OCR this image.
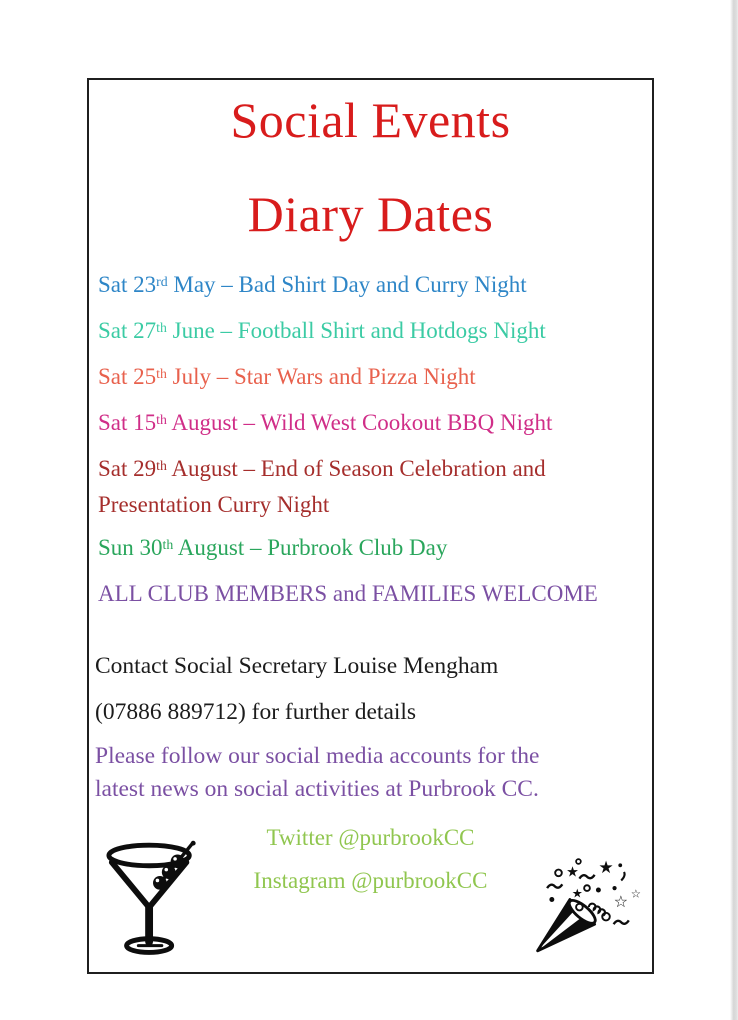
Social Events
Diary Dates

Sat 23rd May – Bad Shirt Day and Curry Night

Sat 27th June – Football Shirt and Hotdogs Night

Sat 25th July – Star Wars and Pizza Night

Sat 15th August – Wild West Cookout BBQ Night

Sat 29th August – End of Season Celebration and
Presentation Curry Night

Sun 30th August – Purbrook Club Day

ALL CLUB MEMBERS and FAMILIES WELCOME

Contact Social Secretary Louise Mengham

(07886 889712) for further details

Please follow our social media accounts for the
latest news on social activities at Purbrook CC.

Twitter @purbrookCC

Instagram @purbrookCC	★ ★
★ ☆ ☆
